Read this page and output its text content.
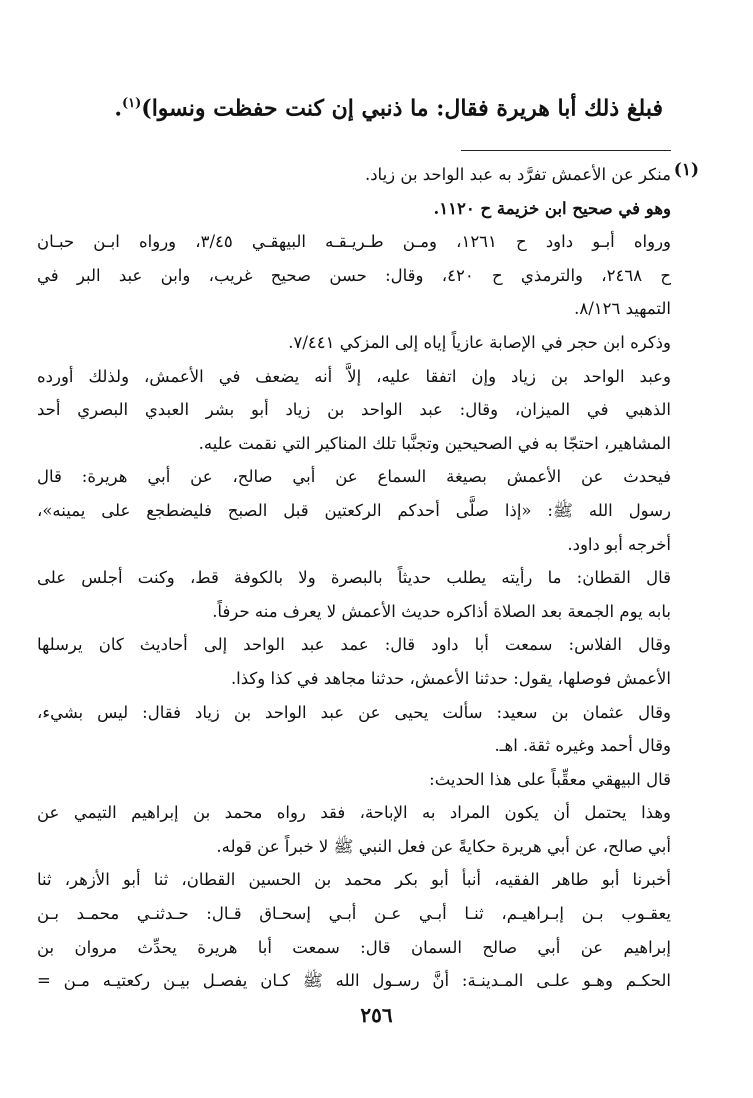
فبلغ ذلك أبا هريرة فقال: ما ذنبي إن كنت حفظت ونسوا)$^{(١)}$.
(١)
منكر عن الأعمش تفرَّد به عبد الواحد بن زياد.
وهو في صحيح ابن خزيمة ح ١١٢٠.
ورواه أبـو داود ح ١٢٦١، ومـن طـريـقـه البيهقـي ٣/٤٥، ورواه ابـن حبـان
ح ٢٤٦٨، والترمذي ح ٤٢٠، وقال: حسن صحيح غريب، وابن عبد البر في
التمهيد ٨/١٢٦.
وذكره ابن حجر في الإصابة عازياً إياه إلى المزكي ٧/٤٤١.
وعبد الواحد بن زياد وإن اتفقا عليه، إلاَّ أنه يضعف في الأعمش، ولذلك أورده
الذهبي في الميزان، وقال: عبد الواحد بن زياد أبو بشر العبدي البصري أحد
المشاهير، احتجّا به في الصحيحين وتجنَّبا تلك المناكير التي نقمت عليه.
فيحدث عن الأعمش بصيغة السماع عن أبي صالح، عن أبي هريرة: قال
رسول الله ﷺ: «إذا صلَّى أحدكم الركعتين قبل الصبح فليضطجع على يمينه»،
أخرجه أبو داود.
قال القطان: ما رأيته يطلب حديثاً بالبصرة ولا بالكوفة قط، وكنت أجلس على
بابه يوم الجمعة بعد الصلاة أذاكره حديث الأعمش لا يعرف منه حرفاً.
وقال الفلاس: سمعت أبا داود قال: عمد عبد الواحد إلى أحاديث كان يرسلها
الأعمش فوصلها، يقول: حدثنا الأعمش، حدثنا مجاهد في كذا وكذا.
وقال عثمان بن سعيد: سألت يحيى عن عبد الواحد بن زياد فقال: ليس بشيء،
وقال أحمد وغيره ثقة. اهـ.
قال البيهقي معقِّباً على هذا الحديث:
وهذا يحتمل أن يكون المراد به الإباحة، فقد رواه محمد بن إبراهيم التيمي عن
أبي صالح، عن أبي هريرة حكايةً عن فعل النبي ﷺ لا خبراً عن قوله.
أخبرنا أبو طاهر الفقيه، أنبأ أبو بكر محمد بن الحسين القطان، ثنا أبو الأزهر، ثنا
يعقـوب بـن إبـراهيـم، ثنـا أبـي عـن أبـي إسحـاق قـال: حـدثنـي محمـد بـن
إبراهيم عن أبي صالح السمان قال: سمعت أبا هريرة يحدِّث مروان بن
الحكـم وهـو علـى المـدينـة: أنَّ رسـول الله ﷺ كـان يفصـل بيـن ركعتيـه مـن =
٢٥٦
